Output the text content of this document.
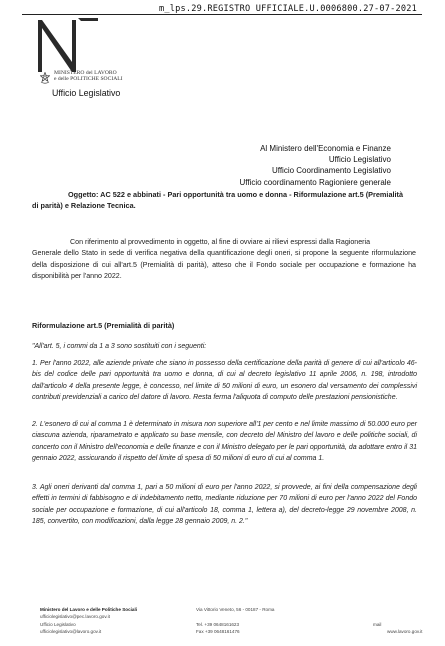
m_lps.29.REGISTRO UFFICIALE.U.0006800.27-07-2021
MINISTERO del LAVORO
e delle POLITICHE SOCIALI
Ufficio Legislativo
Al Ministero dell'Economia e Finanze
Ufficio Legislativo
Ufficio Coordinamento Legislativo
Ufficio coordinamento Ragioniere generale
Oggetto: AC 522 e abbinati - Pari opportunità tra uomo e donna - Riformulazione art.5 (Premialità
di parità) e Relazione Tecnica.
Con riferimento al provvedimento in oggetto, al fine di ovviare ai rilievi espressi dalla Ragioneria
Generale dello Stato in sede di verifica negativa della quantificazione degli oneri, si propone la seguente riformulazione della disposizione di cui all'art.5 (Premialità di parità), atteso che il Fondo sociale per occupazione e formazione ha disponibilità per l'anno 2022.
Riformulazione art.5 (Premialità di parità)
"All'art. 5, i commi da 1 a 3 sono sostituiti con i seguenti:
1. Per l'anno 2022, alle aziende private che siano in possesso della certificazione della parità di genere di cui all'articolo 46-bis del codice delle pari opportunità tra uomo e donna, di cui al decreto legislativo 11 aprile 2006, n. 198, introdotto dall'articolo 4 della presente legge, è concesso, nel limite di 50 milioni di euro, un esonero dal versamento dei complessivi contributi previdenziali a carico del datore di lavoro. Resta ferma l'aliquota di computo delle prestazioni pensionistiche.
2. L'esonero di cui al comma 1 è determinato in misura non superiore all'1 per cento e nel limite massimo di 50.000 euro per ciascuna azienda, riparametrato e applicato su base mensile, con decreto del Ministro del lavoro e delle politiche sociali, di concerto con il Ministro dell'economia e delle finanze e con il Ministro delegato per le pari opportunità, da adottare entro il 31 gennaio 2022, assicurando il rispetto del limite di spesa di 50 milioni di euro di cui al comma 1.
3. Agli oneri derivanti dal comma 1, pari a 50 milioni di euro per l'anno 2022, si provvede, ai fini della compensazione degli effetti in termini di fabbisogno e di indebitamento netto, mediante riduzione per 70 milioni di euro per l'anno 2022 del Fondo sociale per occupazione e formazione, di cui all'articolo 18, comma 1, lettera a), del decreto-legge 29 novembre 2008, n. 185, convertito, con modificazioni, dalla legge 28 gennaio 2009, n. 2."
Ministero del Lavoro e delle Politiche Sociali
ufficiolegislativo@pec.lavoro.gov.it
Ufficio Legislativo
ufficiolegislativo@lavoro.gov.it
Via Vittorio Veneto, 56 - 00187 - Roma
Tel. +39 0648161623
Fax +39 0648161476
mail
www.lavoro.gov.it
